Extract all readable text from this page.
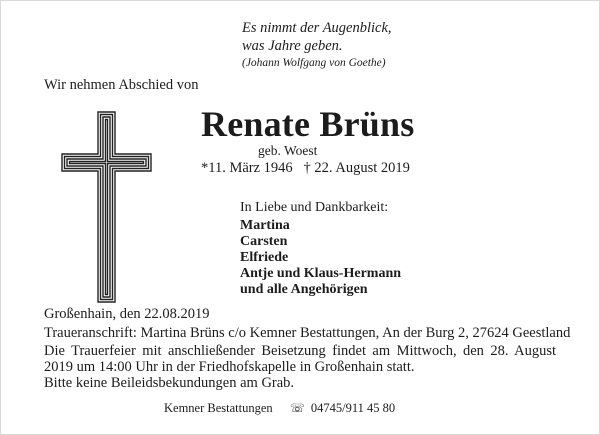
Es nimmt der Augenblick,
was Jahre geben.
(Johann Wolfgang von Goethe)
Wir nehmen Abschied von
Renate Brüns
geb. Woest
*11. März 1946   † 22. August 2019
In Liebe und Dankbarkeit:
Martina
Carsten
Elfriede
Antje und Klaus-Hermann
und alle Angehörigen
Großenhain, den 22.08.2019
Traueranschrift: Martina Brüns c/o Kemner Bestattungen, An der Burg 2, 27624 Geestland
Die Trauerfeier mit anschließender Beisetzung findet am Mittwoch, den 28. August 2019 um 14:00 Uhr in der Friedhofskapelle in Großenhain statt.
Bitte keine Beileidsbekundungen am Grab.
Kemner Bestattungen ☏ 04745/911 45 80
